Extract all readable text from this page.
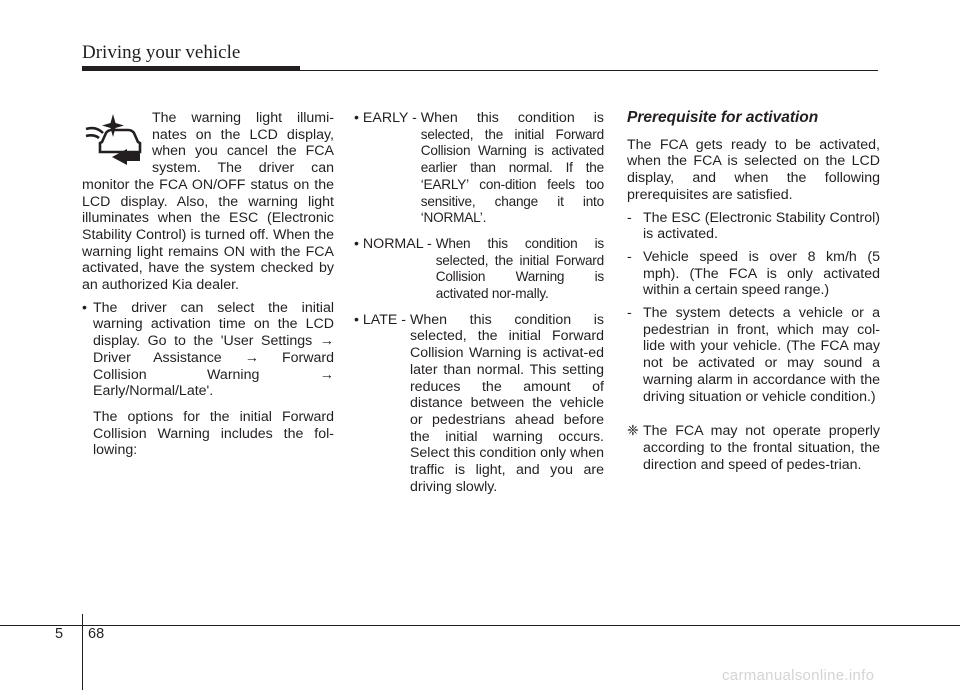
Driving your vehicle

The warning light illumi-nates on the LCD display, when you cancel the FCA system. The driver can monitor the FCA ON/OFF status on the LCD display. Also, the warning light illuminates when the ESC (Electronic Stability Control) is turned off. When the warning light remains ON with the FCA activated, have the system checked by an authorized Kia dealer.

• The driver can select the initial warning activation time on the LCD display. Go to the 'User Settings → Driver Assistance → Forward Collision Warning → Early/Normal/Late'.

The options for the initial Forward Collision Warning includes the fol-lowing:

• EARLY - When this condition is
selected, the initial Forward Collision Warning is activated earlier than normal. If the ‘EARLY’ con-dition feels too sensitive, change it into ‘NORMAL’.
• NORMAL - When this condition is
selected, the initial Forward Collision Warning is activated nor-mally.
• LATE - When this condition is
selected, the initial Forward Collision Warning is activat-ed later than normal. This setting reduces the amount of distance between the vehicle or pedestrians ahead before the initial warning occurs. Select this condition only when traffic is light, and you are driving slowly.

Prerequisite for activation

The FCA gets ready to be activated, when the FCA is selected on the LCD display, and when the following prerequisites are satisfied.

- The ESC (Electronic Stability Control) is activated.
- Vehicle speed is over 8 km/h (5 mph). (The FCA is only activated within a certain speed range.)
- The system detects a vehicle or a pedestrian in front, which may col-lide with your vehicle. (The FCA may not be activated or may sound a warning alarm in accordance with the driving situation or vehicle condition.)
❈ The FCA may not operate properly according to the frontal situation, the direction and speed of pedes-trian.
5 68
carmanualsonline.info
